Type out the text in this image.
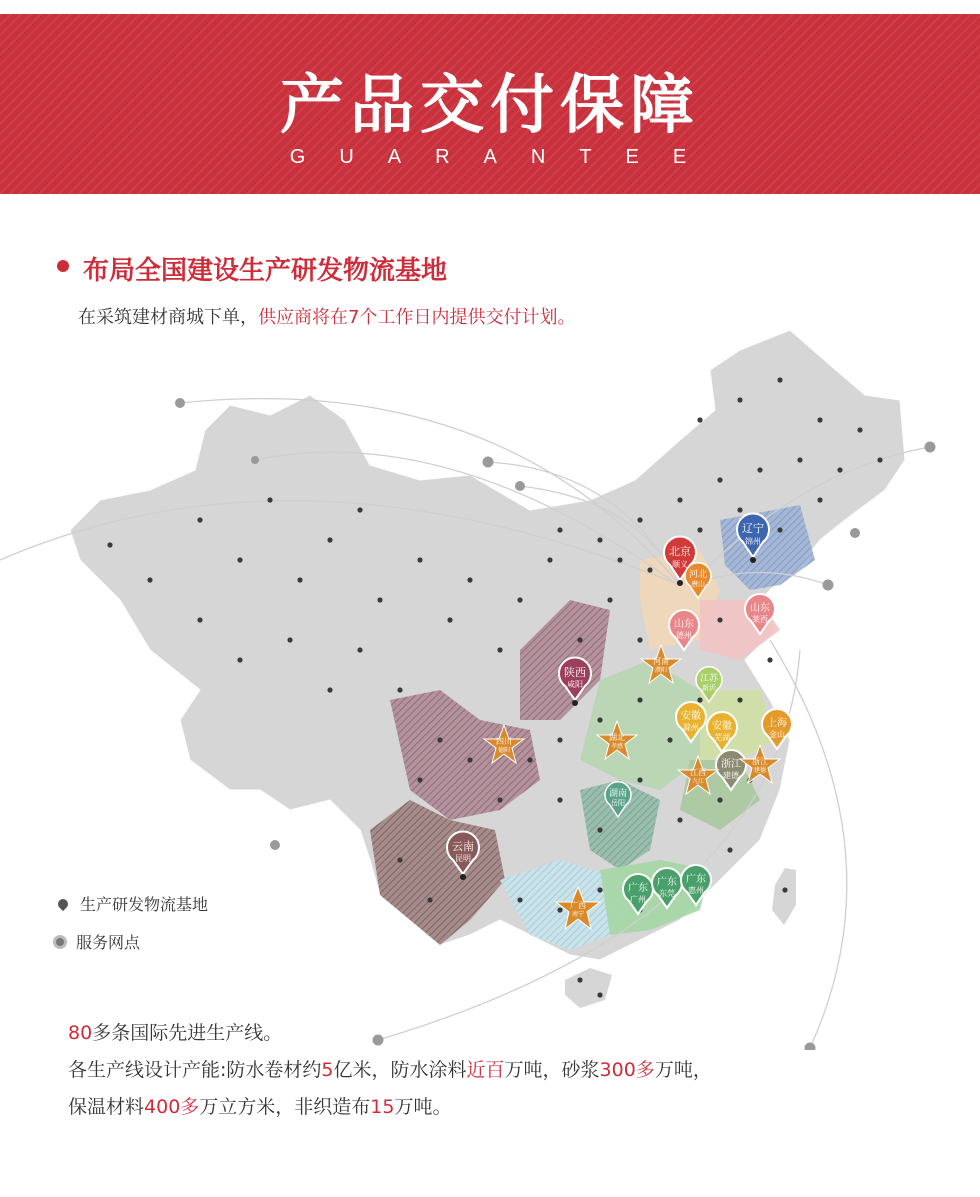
产品交付保障
GUARANTEE
布局全国建设生产研发物流基地
在采筑建材商城下单，供应商将在7个工作日内提供交付计划。
北京
顺义
辽宁
锦州
河北
唐山
山东
莱西
山东
德州
陕西
咸阳
江苏
新沂
安徽
滁州 安徽
芜湖
上海
金山
浙江
建德
湖南
岳阳
云南
昆明
广东
广州
广东
东莞
广东
惠州
四川
德阳
河南
濮阳
湖北
孝感
江西
九江
浙江
建德
广西
南宁
生产研发物流基地
服务网点
80多条国际先进生产线。
各生产线设计产能:防水卷材约5亿米，防水涂料近百万吨，砂浆300多万吨，
保温材料400多万立方米，非织造布15万吨。
